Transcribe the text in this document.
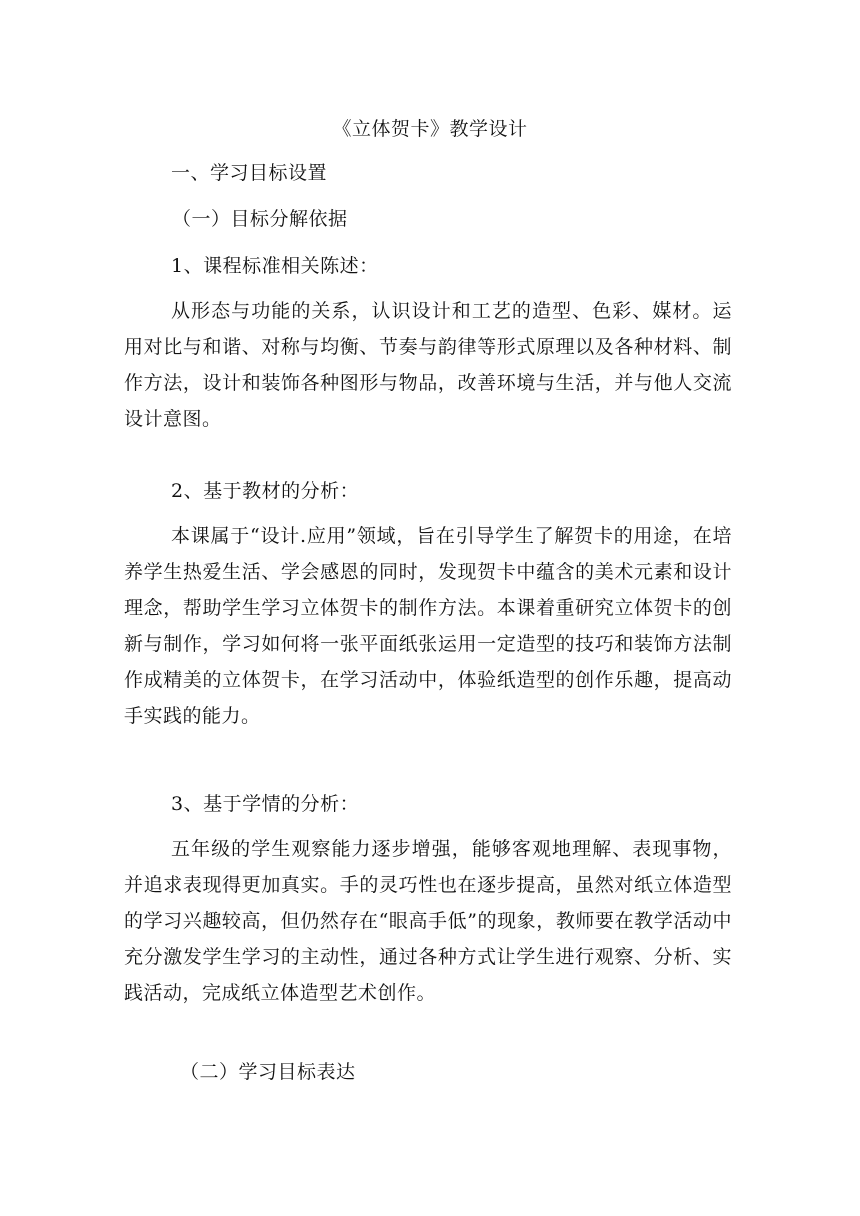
《立体贺卡》教学设计
一、学习目标设置
（一）目标分解依据
1、课程标准相关陈述：
从形态与功能的关系，认识设计和工艺的造型、色彩、媒材。运用对比与和谐、对称与均衡、节奏与韵律等形式原理以及各种材料、制作方法，设计和装饰各种图形与物品，改善环境与生活，并与他人交流设计意图。
2、基于教材的分析：
本课属于“设计.应用”领域，旨在引导学生了解贺卡的用途，在培养学生热爱生活、学会感恩的同时，发现贺卡中蕴含的美术元素和设计理念，帮助学生学习立体贺卡的制作方法。本课着重研究立体贺卡的创新与制作，学习如何将一张平面纸张运用一定造型的技巧和装饰方法制作成精美的立体贺卡，在学习活动中，体验纸造型的创作乐趣，提高动手实践的能力。
3、基于学情的分析：
五年级的学生观察能力逐步增强，能够客观地理解、表现事物，并追求表现得更加真实。手的灵巧性也在逐步提高，虽然对纸立体造型的学习兴趣较高，但仍然存在“眼高手低”的现象，教师要在教学活动中充分激发学生学习的主动性，通过各种方式让学生进行观察、分析、实践活动，完成纸立体造型艺术创作。
（二）学习目标表达
